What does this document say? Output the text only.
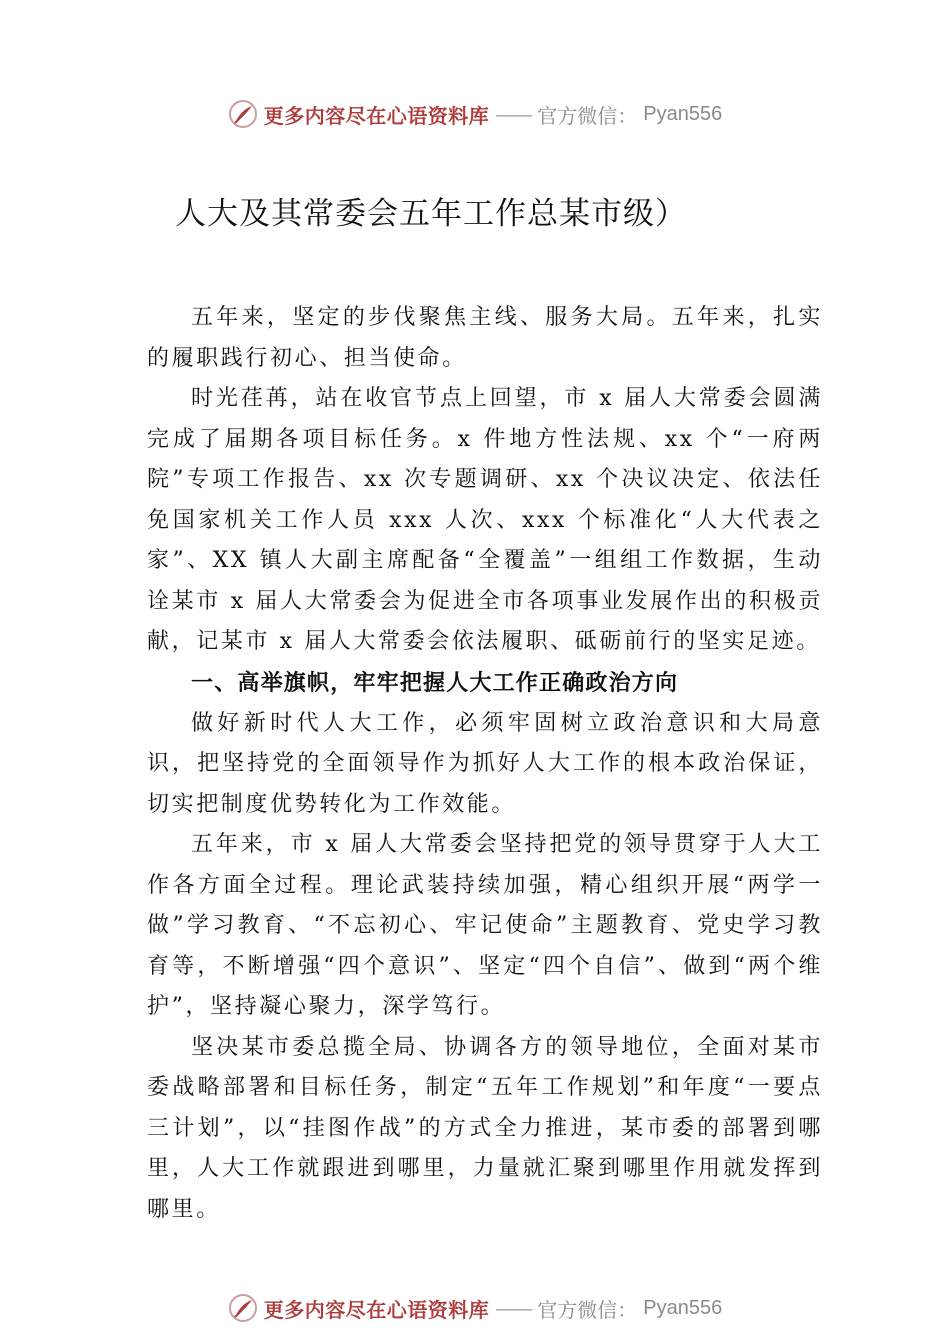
更多内容尽在心语资料库 —— 官方微信： Pyan556
人大及其常委会五年工作总某市级）

五年来，坚定的步伐聚焦主线、服务大局。五年来，扎实的履职践行初心、担当使命。

时光荏苒，站在收官节点上回望，市 x 届人大常委会圆满完成了届期各项目标任务。x 件地方性法规、xx 个“一府两院”专项工作报告、xx 次专题调研、xx 个决议决定、依法任免国家机关工作人员 xxx 人次、xxx 个标准化“人大代表之家”、XX 镇人大副主席配备“全覆盖”一组组工作数据，生动诠某市 x 届人大常委会为促进全市各项事业发展作出的积极贡献，记某市 x 届人大常委会依法履职、砥砺前行的坚实足迹。

一、高举旗帜，牢牢把握人大工作正确政治方向

做好新时代人大工作，必须牢固树立政治意识和大局意识，把坚持党的全面领导作为抓好人大工作的根本政治保证，切实把制度优势转化为工作效能。

五年来，市 x 届人大常委会坚持把党的领导贯穿于人大工作各方面全过程。理论武装持续加强，精心组织开展“两学一做”学习教育、“不忘初心、牢记使命”主题教育、党史学习教育等，不断增强“四个意识”、坚定“四个自信”、做到“两个维护”，坚持凝心聚力，深学笃行。

坚决某市委总揽全局、协调各方的领导地位，全面对某市委战略部署和目标任务，制定“五年工作规划”和年度“一要点三计划”，以“挂图作战”的方式全力推进，某市委的部署到哪里，人大工作就跟进到哪里，力量就汇聚到哪里作用就发挥到哪里。

更多内容尽在心语资料库 —— 官方微信： Pyan556
